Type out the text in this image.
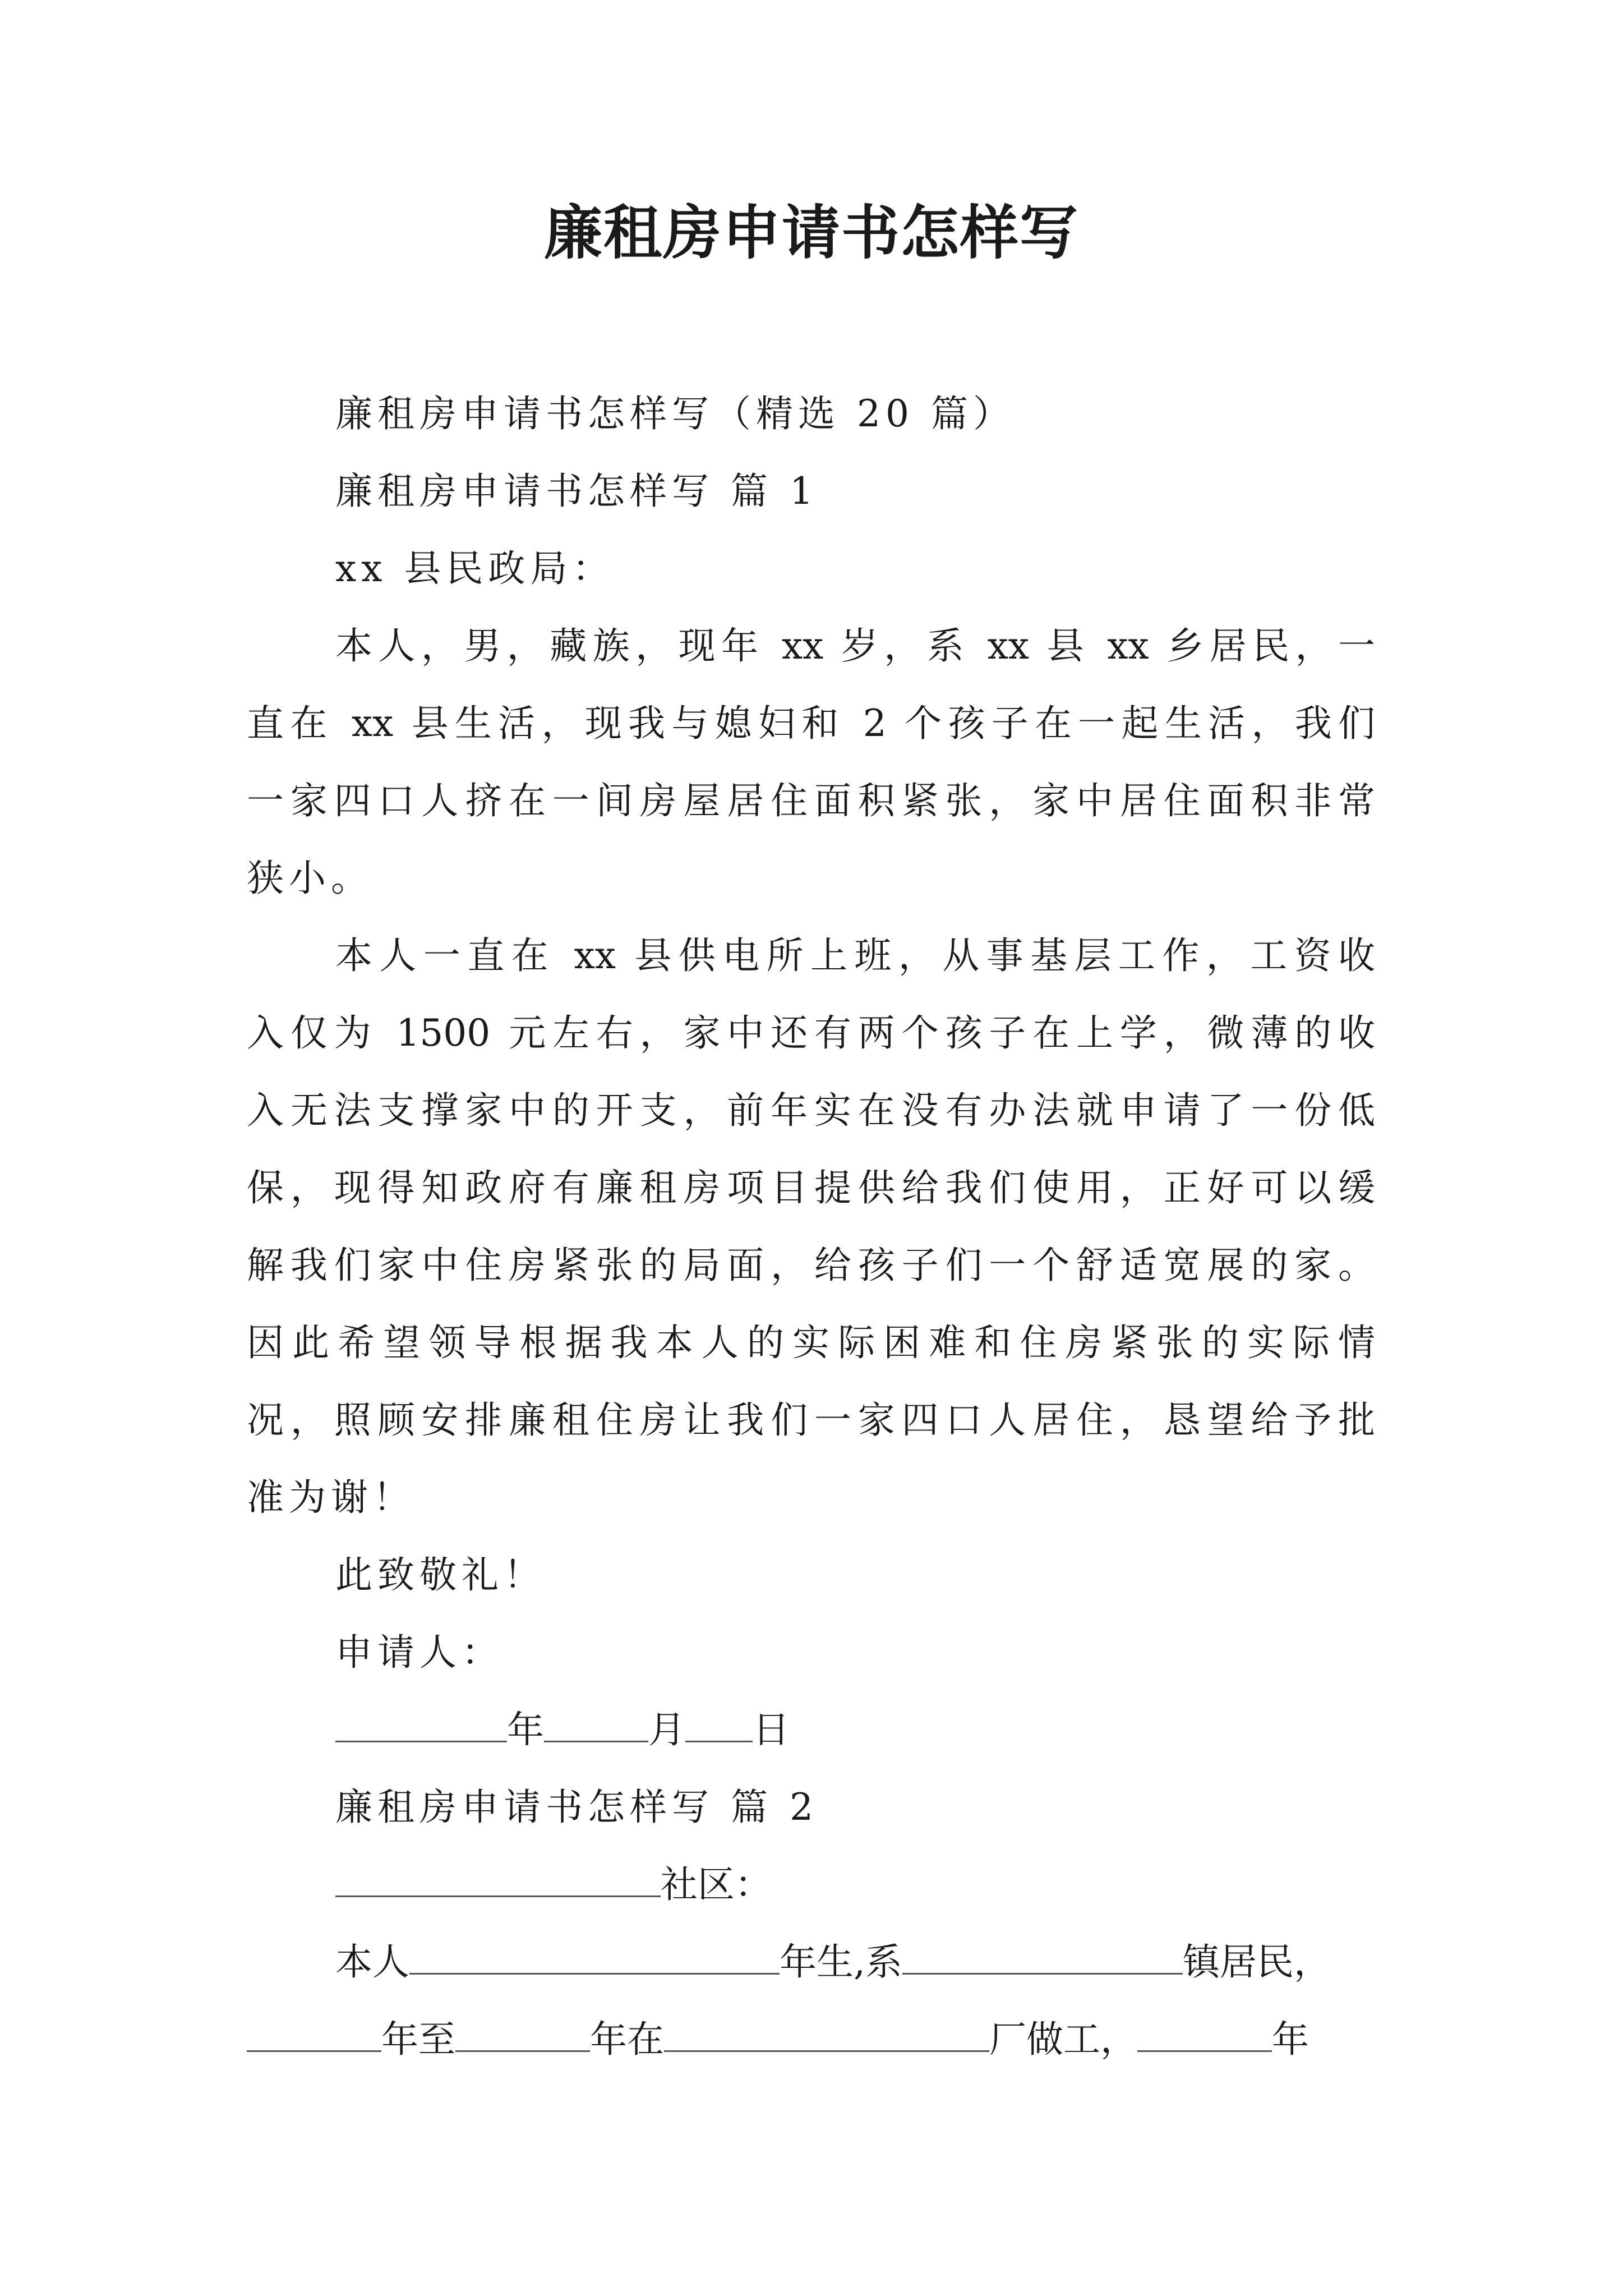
廉租房申请书怎样写
廉租房申请书怎样写（精选 20 篇）
廉租房申请书怎样写 篇 1
xx 县民政局：
本人，男，藏族，现年 xx 岁，系 xx 县 xx 乡居民，一
直在 xx 县生活，现我与媳妇和 2 个孩子在一起生活，我们
一家四口人挤在一间房屋居住面积紧张，家中居住面积非常
狭小。
本人一直在 xx 县供电所上班，从事基层工作，工资收
入仅为 1500 元左右，家中还有两个孩子在上学，微薄的收
入无法支撑家中的开支，前年实在没有办法就申请了一份低
保，现得知政府有廉租房项目提供给我们使用，正好可以缓
解我们家中住房紧张的局面，给孩子们一个舒适宽展的家。
因此希望领导根据我本人的实际困难和住房紧张的实际情
况，照顾安排廉租住房让我们一家四口人居住，恳望给予批
准为谢！
此致敬礼！
申请人：
年	月 日
廉租房申请书怎样写 篇 2
社区：
本人	年生,系	镇居民，
年至	年在	厂做工，	年
